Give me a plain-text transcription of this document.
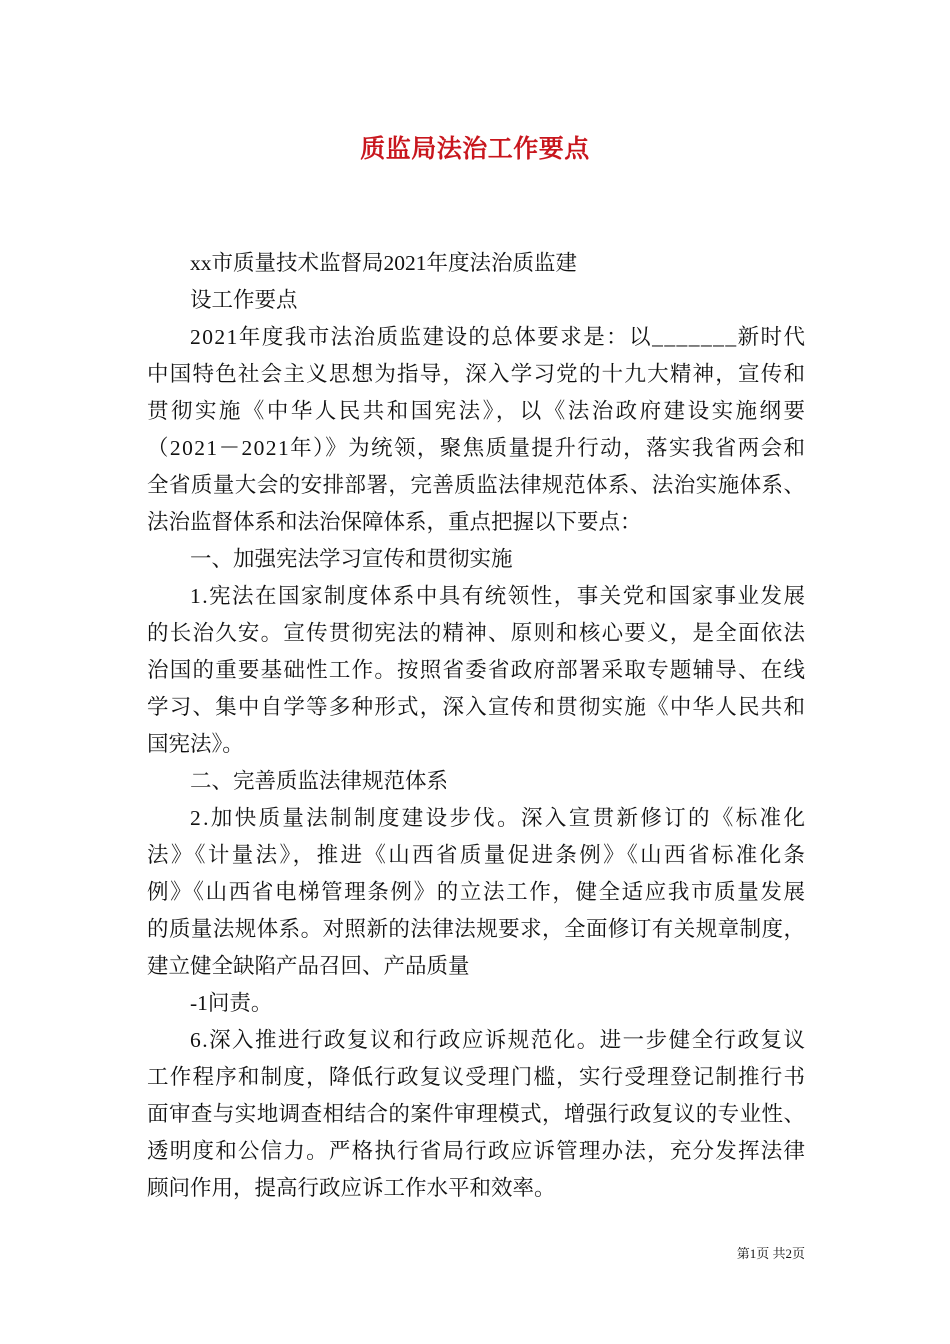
质监局法治工作要点

xx市质量技术监督局2021年度法治质监建

设工作要点

2021年度我市法治质监建设的总体要求是：以_______新时代
中国特色社会主义思想为指导，深入学习党的十九大精神，宣传和
贯彻实施《中华人民共和国宪法》，以《法治政府建设实施纲要
（2021－2021年）》为统领，聚焦质量提升行动，落实我省两会和
全省质量大会的安排部署，完善质监法律规范体系、法治实施体系、
法治监督体系和法治保障体系，重点把握以下要点：

一、加强宪法学习宣传和贯彻实施

1.宪法在国家制度体系中具有统领性，事关党和国家事业发展
的长治久安。宣传贯彻宪法的精神、原则和核心要义，是全面依法
治国的重要基础性工作。按照省委省政府部署采取专题辅导、在线
学习、集中自学等多种形式，深入宣传和贯彻实施《中华人民共和
国宪法》。

二、完善质监法律规范体系

2.加快质量法制制度建设步伐。深入宣贯新修订的《标准化
法》《计量法》，推进《山西省质量促进条例》《山西省标准化条
例》《山西省电梯管理条例》的立法工作，健全适应我市质量发展
的质量法规体系。对照新的法律法规要求，全面修订有关规章制度，
建立健全缺陷产品召回、产品质量

-1问责。

6.深入推进行政复议和行政应诉规范化。进一步健全行政复议
工作程序和制度，降低行政复议受理门槛，实行受理登记制推行书
面审查与实地调查相结合的案件审理模式，增强行政复议的专业性、
透明度和公信力。严格执行省局行政应诉管理办法，充分发挥法律
顾问作用，提高行政应诉工作水平和效率。

第1页 共2页
